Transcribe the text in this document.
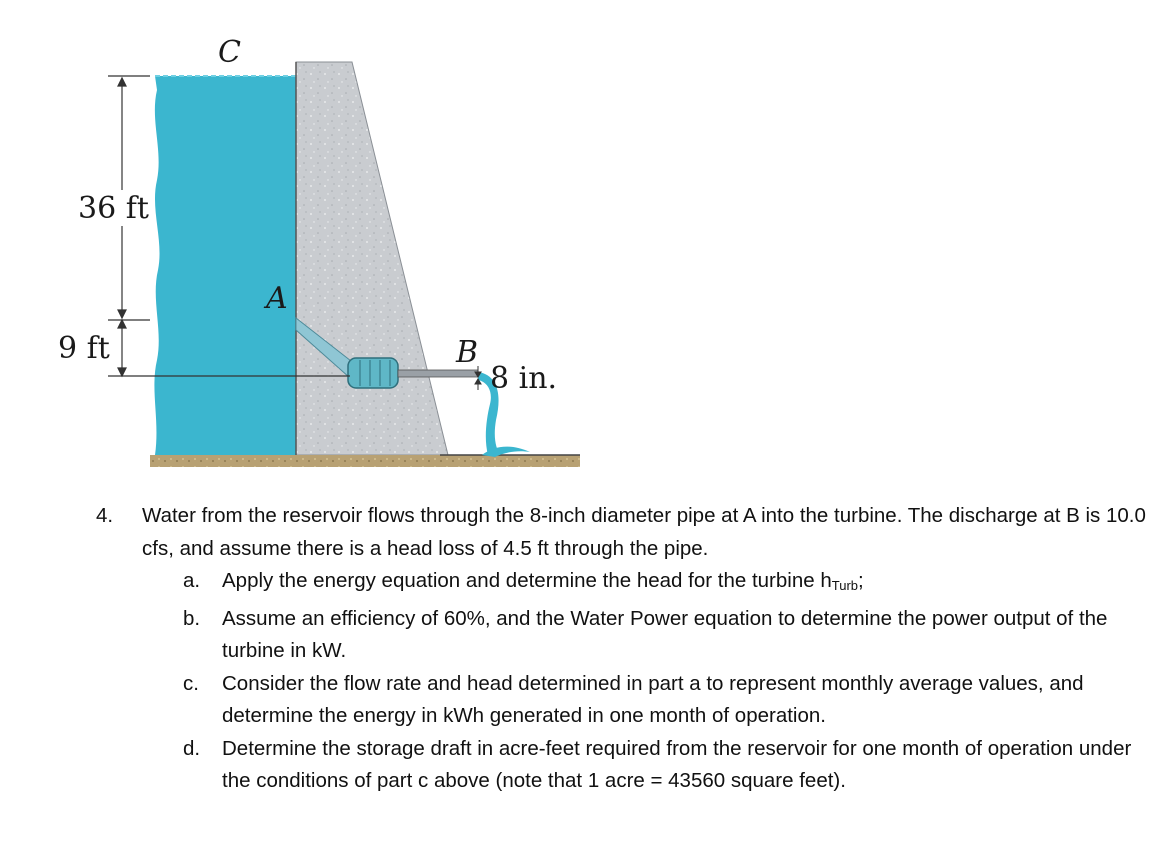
C
A
B
36 ft
9 ft
8 in.
4.	Water from the reservoir flows through the 8-inch diameter pipe at A into the turbine. The discharge at B is 10.0 cfs, and assume there is a head loss of 4.5 ft through the pipe.
a. Apply the energy equation and determine the head for the turbine $h_{Turb}$;
b. Assume an efficiency of 60%, and the Water Power equation to determine the power output of the turbine in kW.
c. Consider the flow rate and head determined in part a to represent monthly average values, and determine the energy in kWh generated in one month of operation.
d. Determine the storage draft in acre-feet required from the reservoir for one month of operation under the conditions of part c above (note that 1 acre = 43560 square feet).
